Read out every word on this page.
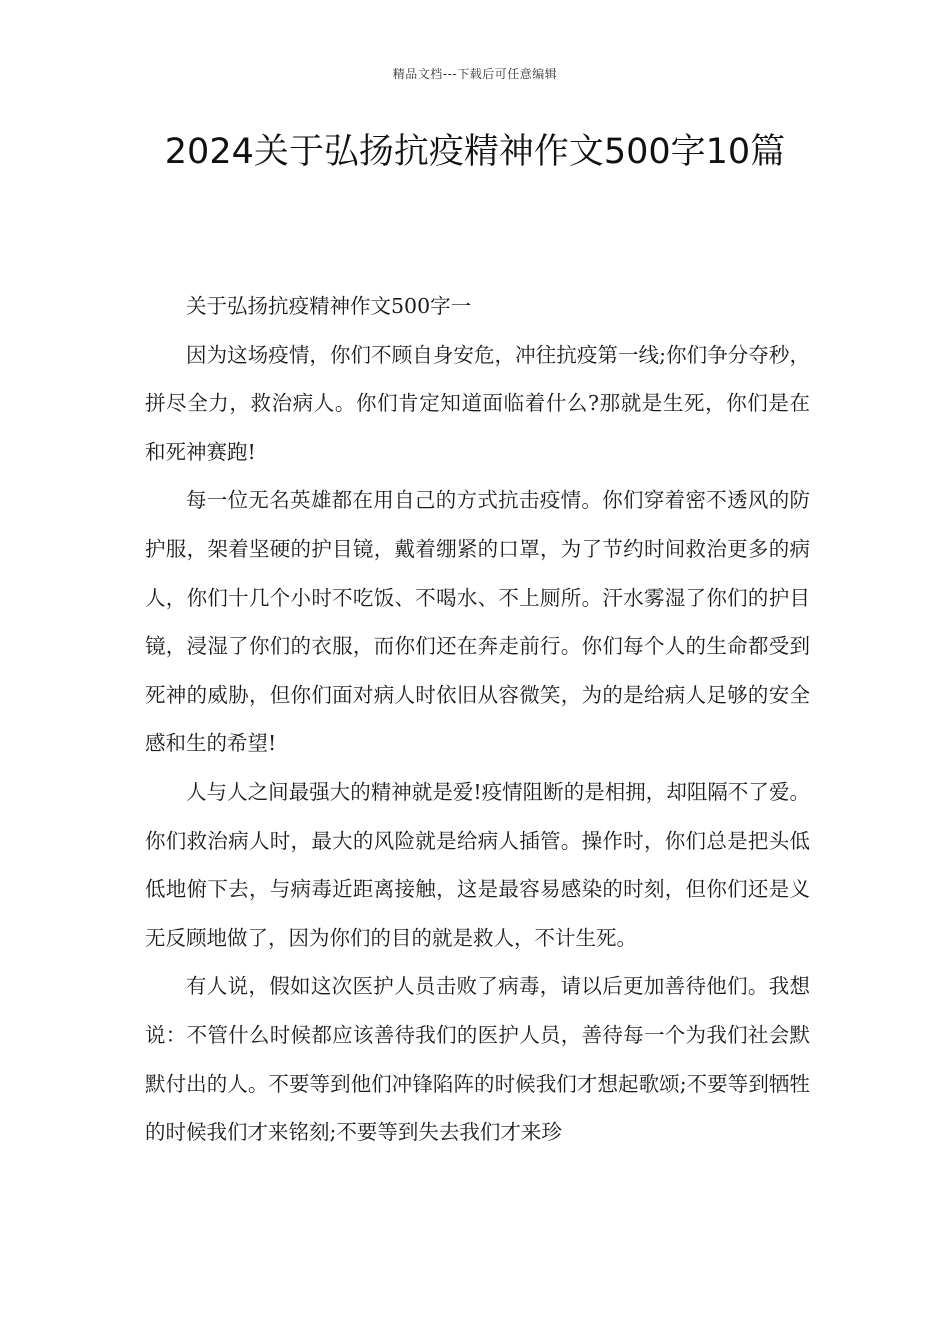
精品文档---下载后可任意编辑
2024关于弘扬抗疫精神作文500字10篇

关于弘扬抗疫精神作文500字一

因为这场疫情，你们不顾自身安危，冲往抗疫第一线;你们争分夺秒，拼尽全力，救治病人。你们肯定知道面临着什么?那就是生死，你们是在和死神赛跑!

每一位无名英雄都在用自己的方式抗击疫情。你们穿着密不透风的防护服，架着坚硬的护目镜，戴着绷紧的口罩，为了节约时间救治更多的病人，你们十几个小时不吃饭、不喝水、不上厕所。汗水雾湿了你们的护目镜，浸湿了你们的衣服，而你们还在奔走前行。你们每个人的生命都受到死神的威胁，但你们面对病人时依旧从容微笑，为的是给病人足够的安全感和生的希望!

人与人之间最强大的精神就是爱!疫情阻断的是相拥，却阻隔不了爱。你们救治病人时，最大的风险就是给病人插管。操作时，你们总是把头低低地俯下去，与病毒近距离接触，这是最容易感染的时刻，但你们还是义无反顾地做了，因为你们的目的就是救人，不计生死。

有人说，假如这次医护人员击败了病毒，请以后更加善待他们。我想说：不管什么时候都应该善待我们的医护人员，善待每一个为我们社会默默付出的人。不要等到他们冲锋陷阵的时候我们才想起歌颂;不要等到牺牲的时候我们才来铭刻;不要等到失去我们才来珍
